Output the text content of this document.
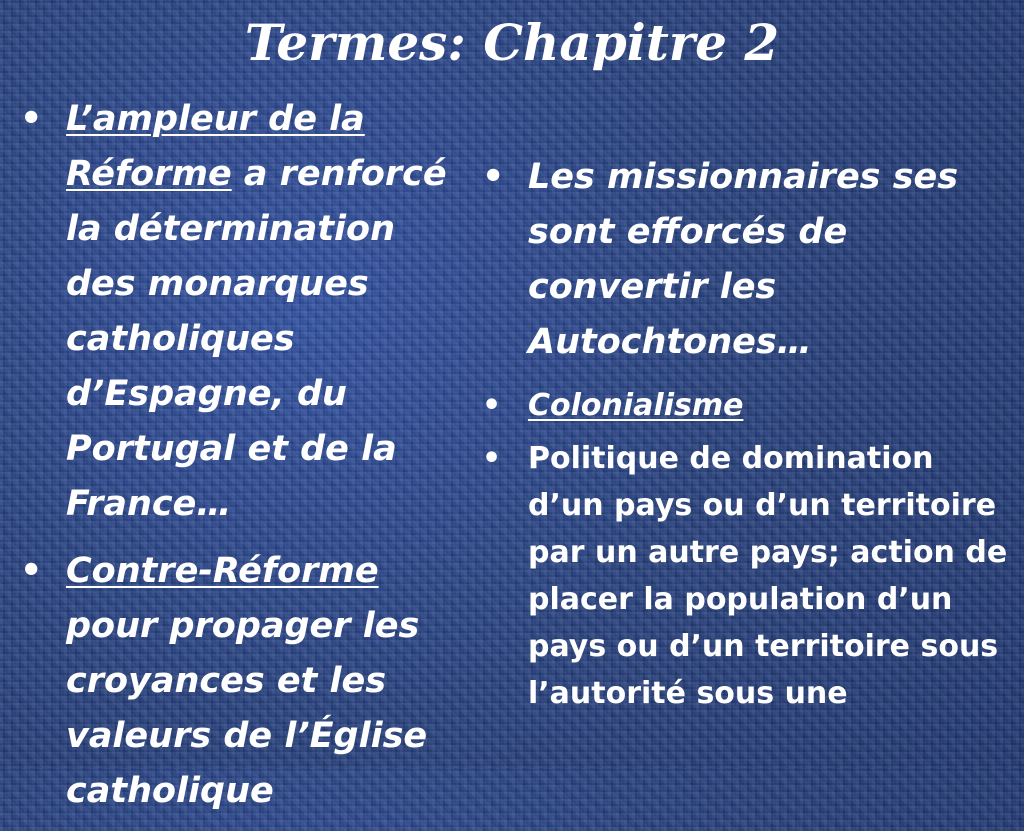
Termes: Chapitre 2
• L’ampleur de la Réforme a renforcé la détermination des monarques catholiques d’Espagne, du Portugal et de la France…
• Contre-Réforme pour propager les croyances et les valeurs de l’Église catholique
• Les missionnaires ses sont efforcés de convertir les Autochtones…
• Colonialisme
• Politique de domination d’un pays ou d’un territoire par un autre pays; action de placer la population d’un pays ou d’un territoire sous l’autorité sous une
